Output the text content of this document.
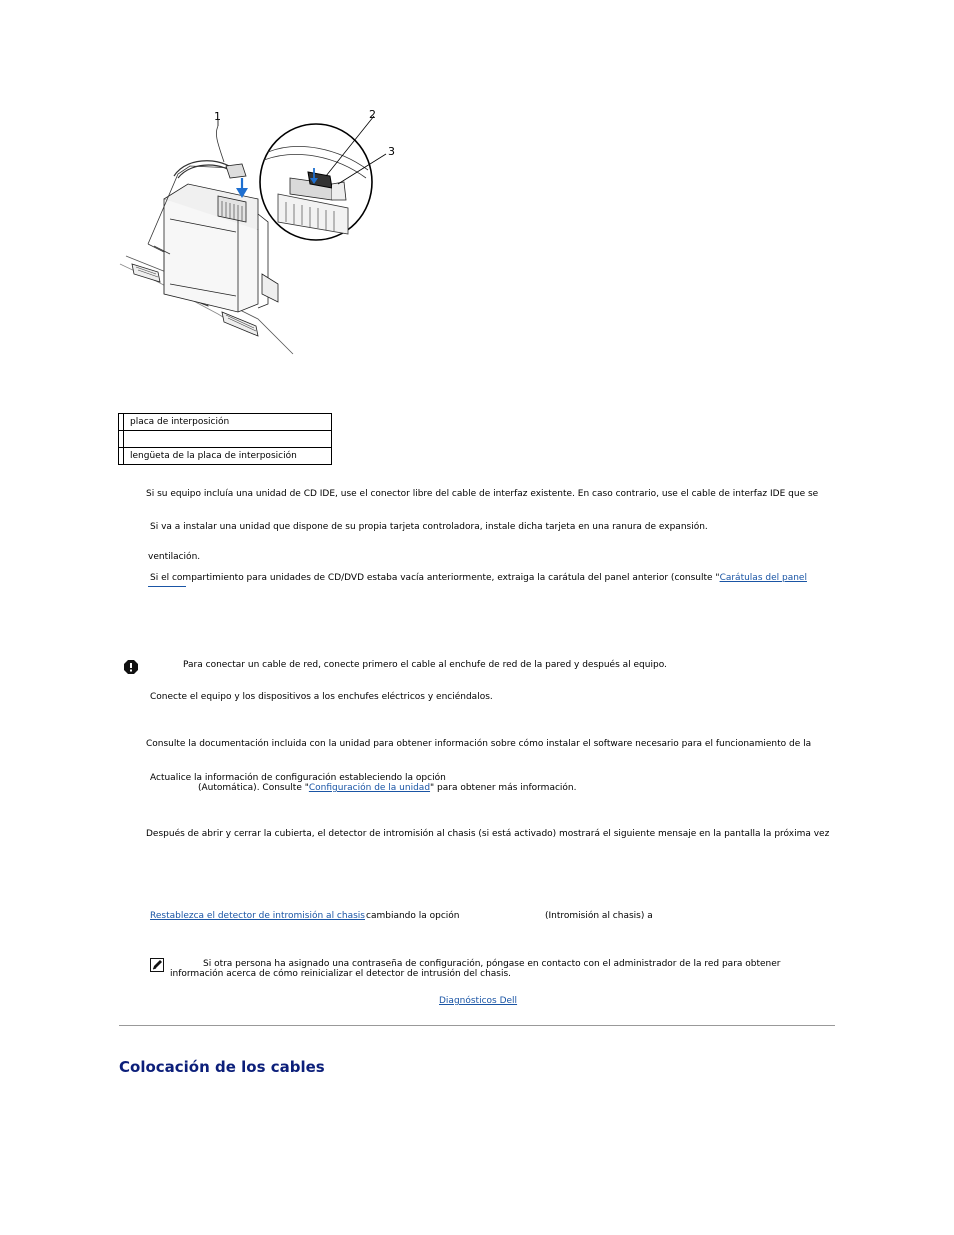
1	2
3
	placa de interposición

	lengüeta de la placa de interposición
Si su equipo incluía una unidad de CD IDE, use el conector libre del cable de interfaz existente. En caso contrario, use el cable de interfaz IDE que se
Si va a instalar una unidad que dispone de su propia tarjeta controladora, instale dicha tarjeta en una ranura de expansión.
ventilación.
Si el compartimiento para unidades de CD/DVD estaba vacía anteriormente, extraiga la carátula del panel anterior (consulte "Carátulas del panel
Para conectar un cable de red, conecte primero el cable al enchufe de red de la pared y después al equipo.
Conecte el equipo y los dispositivos a los enchufes eléctricos y enciéndalos.
Consulte la documentación incluida con la unidad para obtener información sobre cómo instalar el software necesario para el funcionamiento de la
Actualice la información de configuración estableciendo la opción
(Automática). Consulte "Configuración de la unidad" para obtener más información.
Después de abrir y cerrar la cubierta, el detector de intromisión al chasis (si está activado) mostrará el siguiente mensaje en la pantalla la próxima vez
Restablezca el detector de intromisión al chasis cambiando la opción	(Intromisión al chasis) a
Si otra persona ha asignado una contraseña de configuración, póngase en contacto con el administrador de la red para obtener
información acerca de cómo reinicializar el detector de intrusión del chasis.
Diagnósticos Dell
Colocación de los cables
